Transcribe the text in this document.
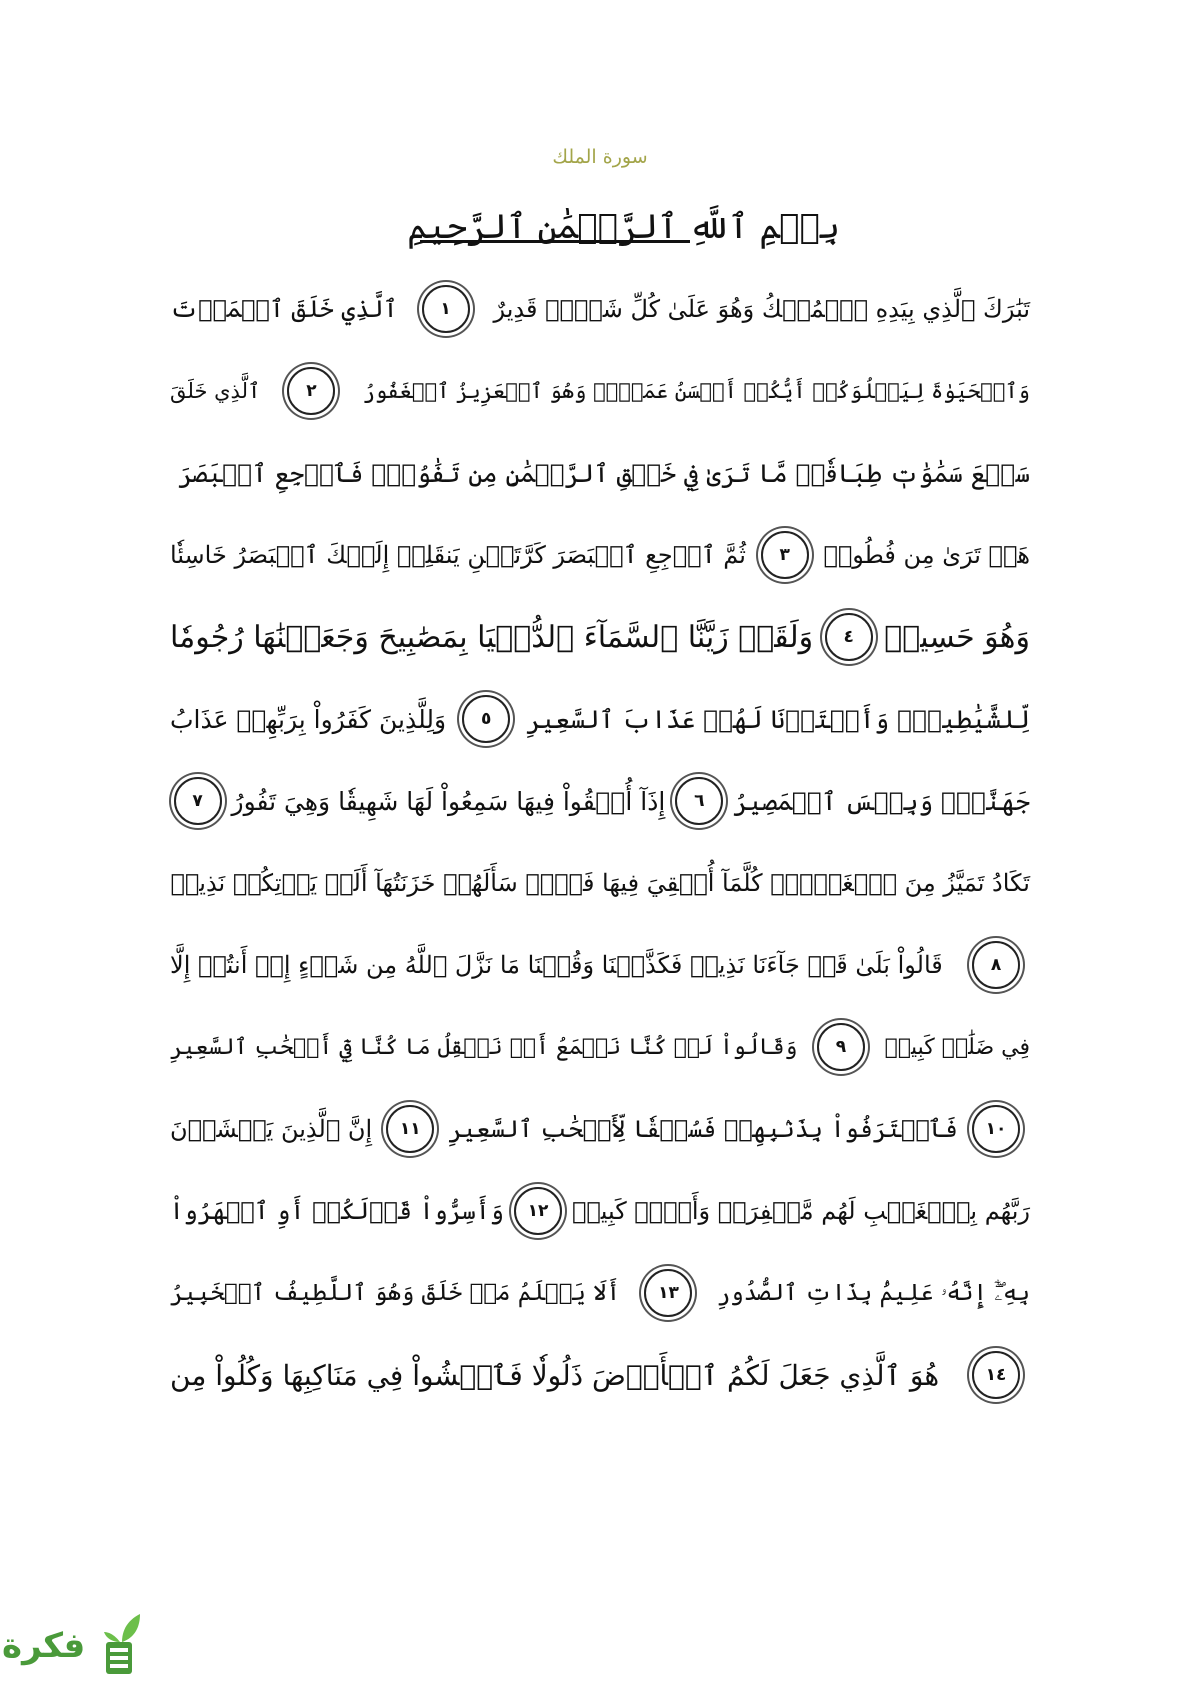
سورة الملك
بِسۡمِ ٱللَّهِ ٱلرَّحۡمَٰنِ ٱلرَّحِيمِ
تَبَٰرَكَ ٱلَّذِي بِيَدِهِ ٱلۡمُلۡكُ وَهُوَ عَلَىٰ كُلِّ شَيۡءٖ قَدِيرٌ
١
ٱلَّذِي خَلَقَ ٱلۡمَوۡتَ
وَٱلۡحَيَوٰةَ لِيَبۡلُوَكُمۡ أَيُّكُمۡ أَحۡسَنُ عَمَلٗاۚ وَهُوَ ٱلۡعَزِيزُ ٱلۡغَفُورُ
٢
ٱلَّذِي خَلَقَ
سَبۡعَ سَمَٰوَٰتٖ طِبَاقٗاۖ مَّا تَرَىٰ فِي خَلۡقِ ٱلرَّحۡمَٰنِ مِن تَفَٰوُتٖۖ فَٱرۡجِعِ ٱلۡبَصَرَ
هَلۡ تَرَىٰ مِن فُطُورٖ
٣
ثُمَّ ٱرۡجِعِ ٱلۡبَصَرَ كَرَّتَيۡنِ يَنقَلِبۡ إِلَيۡكَ ٱلۡبَصَرُ خَاسِئٗا
وَهُوَ حَسِيرٞ
٤
وَلَقَدۡ زَيَّنَّا ٱلسَّمَآءَ ٱلدُّنۡيَا بِمَصَٰبِيحَ وَجَعَلۡنَٰهَا رُجُومٗا
لِّلشَّيَٰطِينِۖ وَأَعۡتَدۡنَا لَهُمۡ عَذَابَ ٱلسَّعِيرِ
٥
وَلِلَّذِينَ كَفَرُواْ بِرَبِّهِمۡ عَذَابُ
جَهَنَّمَۖ وَبِئۡسَ ٱلۡمَصِيرُ
٦
إِذَآ أُلۡقُواْ فِيهَا سَمِعُواْ لَهَا شَهِيقٗا وَهِيَ تَفُورُ
٧
تَكَادُ تَمَيَّزُ مِنَ ٱلۡغَيۡظِۖ كُلَّمَآ أُلۡقِيَ فِيهَا فَوۡجٞ سَأَلَهُمۡ خَزَنَتُهَآ أَلَمۡ يَأۡتِكُمۡ نَذِيرٞ
٨
قَالُواْ بَلَىٰ قَدۡ جَآءَنَا نَذِيرٞ فَكَذَّبۡنَا وَقُلۡنَا مَا نَزَّلَ ٱللَّهُ مِن شَيۡءٍ إِنۡ أَنتُمۡ إِلَّا
فِي ضَلَٰلٖ كَبِيرٖ
٩
وَقَالُواْ لَوۡ كُنَّا نَسۡمَعُ أَوۡ نَعۡقِلُ مَا كُنَّا فِيٓ أَصۡحَٰبِ ٱلسَّعِيرِ
١٠
فَٱعۡتَرَفُواْ بِذَنۢبِهِمۡ فَسُحۡقٗا لِّأَصۡحَٰبِ ٱلسَّعِيرِ
١١
إِنَّ ٱلَّذِينَ يَخۡشَوۡنَ
رَبَّهُم بِٱلۡغَيۡبِ لَهُم مَّغۡفِرَةٞ وَأَجۡرٞ كَبِيرٞ
١٢
وَأَسِرُّواْ قَوۡلَكُمۡ أَوِ ٱجۡهَرُواْ
بِهِۦٓۖ إِنَّهُۥ عَلِيمُۢ بِذَاتِ ٱلصُّدُورِ
١٣
أَلَا يَعۡلَمُ مَنۡ خَلَقَ وَهُوَ ٱللَّطِيفُ ٱلۡخَبِيرُ
١٤
هُوَ ٱلَّذِي جَعَلَ لَكُمُ ٱلۡأَرۡضَ ذَلُولٗا فَٱمۡشُواْ فِي مَنَاكِبِهَا وَكُلُواْ مِن
فكرة
